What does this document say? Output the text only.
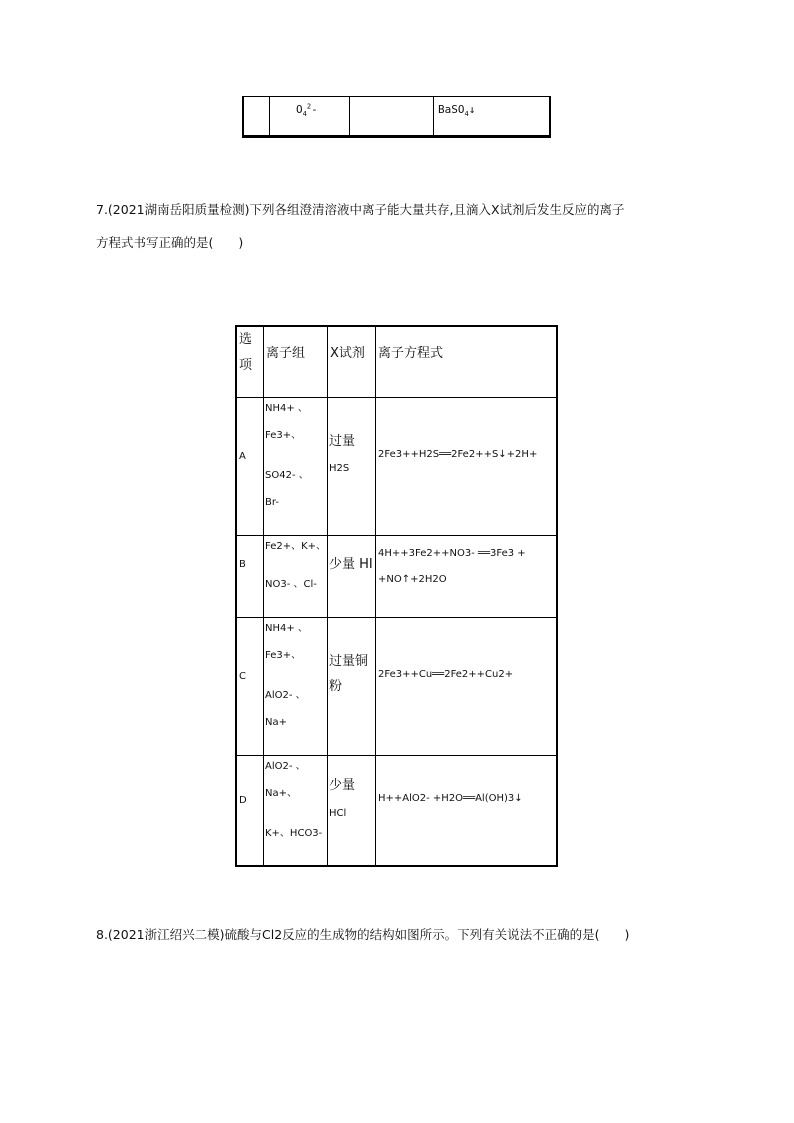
$O_4^2-$	BaSO$_4$↓
7.(2021湖南岳阳质量检测)下列各组澄清溶液中离子能大量共存,且滴入X试剂后发生反应的离子
方程式书写正确的是(　　)
选
项
离子组 X试剂 离子方程式
A
NH4+ 、
Fe3+、
SO42- 、
Br-
过量
H2S
2Fe3++H2S══2Fe2++S↓+2H+
B
Fe2+、K+、
NO3- 、Cl-
少量 HI
4H++3Fe2++NO3- ══3Fe3 +
+NO↑+2H2O
C
NH4+ 、
Fe3+、
AlO2- 、
Na+
过量铜
粉
2Fe3++Cu══2Fe2++Cu2+
D
AlO2- 、
Na+、
K+、HCO3-
少量
HCl
H++AlO2- +H2O══Al(OH)3↓
8.(2021浙江绍兴二模)硫酸与Cl2反应的生成物的结构如图所示。下列有关说法不正确的是(　　)
